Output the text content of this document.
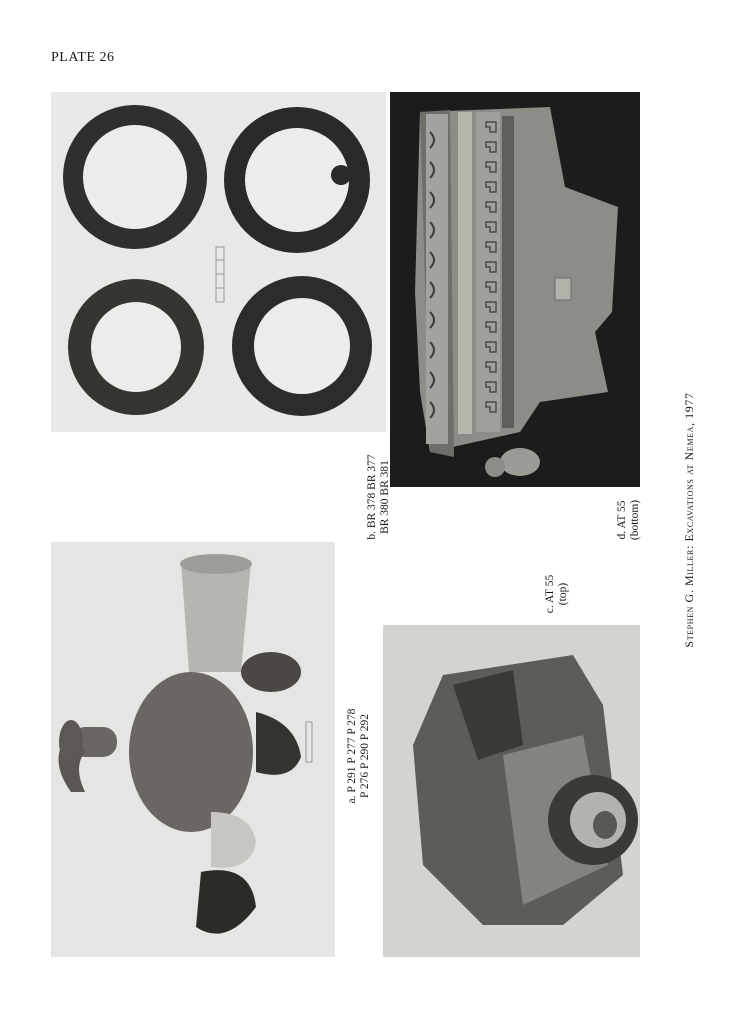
PLATE 26
a. P 291 P 277 P 278 P 276 P 290 P 292
b. BR 378 BR 377 BR 380 BR 381
c. AT 55 (top)
d. AT 55 (bottom)	Stephen G. Miller: Excavations at Nemea, 1977
